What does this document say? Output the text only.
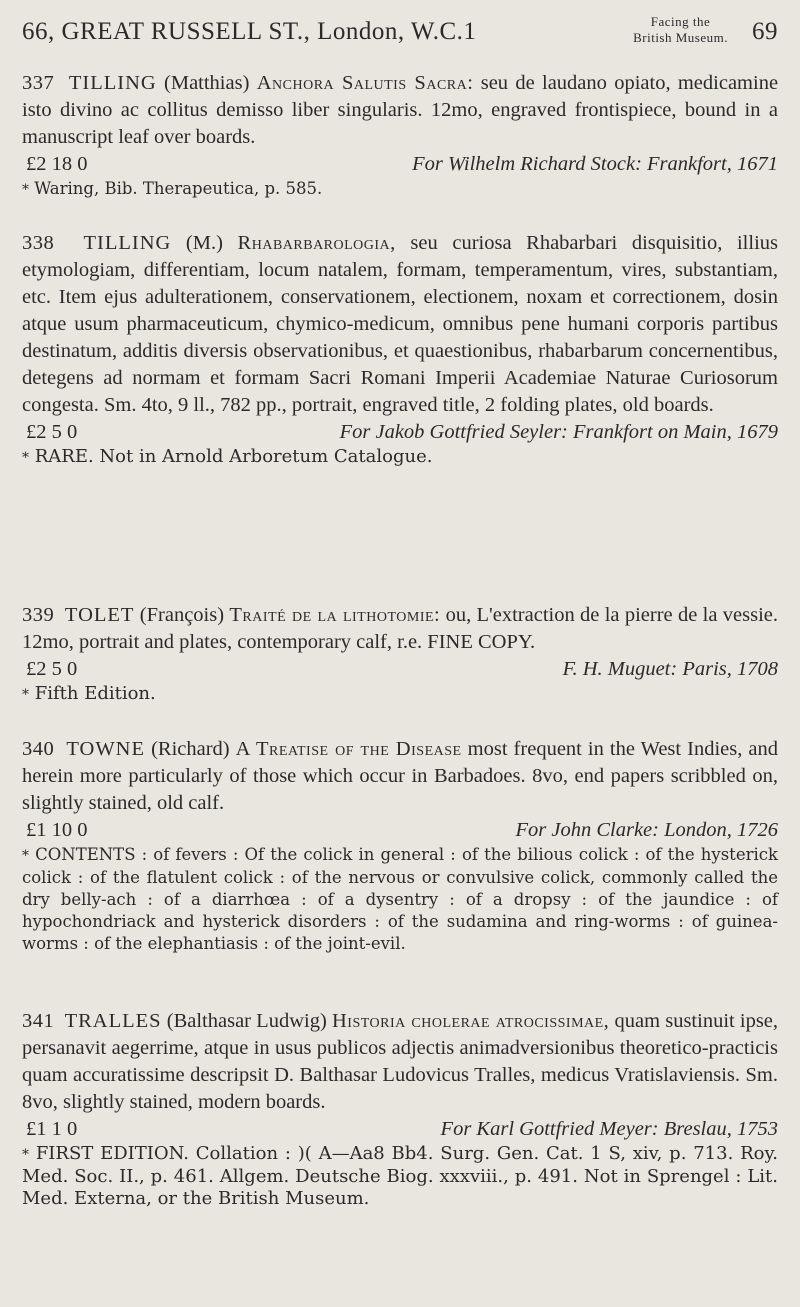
66, GREAT RUSSELL ST., London, W.C.1	Facing the
British Museum. 69

337 TILLING (Matthias) Anchora Salutis Sacra: seu de laudano opiato, medicamine isto divino ac collitus demisso liber singularis. 12mo, engraved frontispiece, bound in a manuscript leaf over boards.

£2 18 0	For Wilhelm Richard Stock: Frankfort, 1671

* Waring, Bib. Therapeutica, p. 585.

338 TILLING (M.) Rhabarbarologia, seu curiosa Rhabarbari disquisitio, illius etymologiam, differentiam, locum natalem, formam, temperamentum, vires, substantiam, etc. Item ejus adulterationem, conservationem, electionem, noxam et correctionem, dosin atque usum pharmaceuticum, chymico-medicum, omnibus pene humani corporis partibus destinatum, additis diversis observationibus, et quaestionibus, rhabarbarum concernentibus, detegens ad normam et formam Sacri Romani Imperii Academiae Naturae Curiosorum congesta. Sm. 4to, 9 ll., 782 pp., portrait, engraved title, 2 folding plates, old boards.

£2 5 0	For Jakob Gottfried Seyler: Frankfort on Main, 1679

* RARE. Not in Arnold Arboretum Catalogue.

339 TOLET (François) Traité de la lithotomie: ou, L'extraction de la pierre de la vessie. 12mo, portrait and plates, contemporary calf, r.e. FINE COPY.

£2 5 0	F. H. Muguet: Paris, 1708

* Fifth Edition.

340 TOWNE (Richard) A Treatise of the Disease most frequent in the West Indies, and herein more particularly of those which occur in Barbadoes. 8vo, end papers scribbled on, slightly stained, old calf.

£1 10 0	For John Clarke: London, 1726

* CONTENTS : of fevers : Of the colick in general : of the bilious colick : of the hysterick colick : of the flatulent colick : of the nervous or convulsive colick, commonly called the dry belly-ach : of a diarrhœa : of a dysentry : of a dropsy : of the jaundice : of hypochondriack and hysterick disorders : of the sudamina and ring-worms : of guinea-worms : of the elephantiasis : of the joint-evil.

341 TRALLES (Balthasar Ludwig) Historia cholerae atrocissimae, quam sustinuit ipse, persanavit aegerrime, atque in usus publicos adjectis animadversionibus theoretico-practicis quam accuratissime descripsit D. Balthasar Ludovicus Tralles, medicus Vratislaviensis. Sm. 8vo, slightly stained, modern boards.

£1 1 0	For Karl Gottfried Meyer: Breslau, 1753

* FIRST EDITION. Collation : )( A—Aa8 Bb4. Surg. Gen. Cat. 1 S, xiv, p. 713. Roy. Med. Soc. II., p. 461. Allgem. Deutsche Biog. xxxviii., p. 491. Not in Sprengel : Lit. Med. Externa, or the British Museum.
